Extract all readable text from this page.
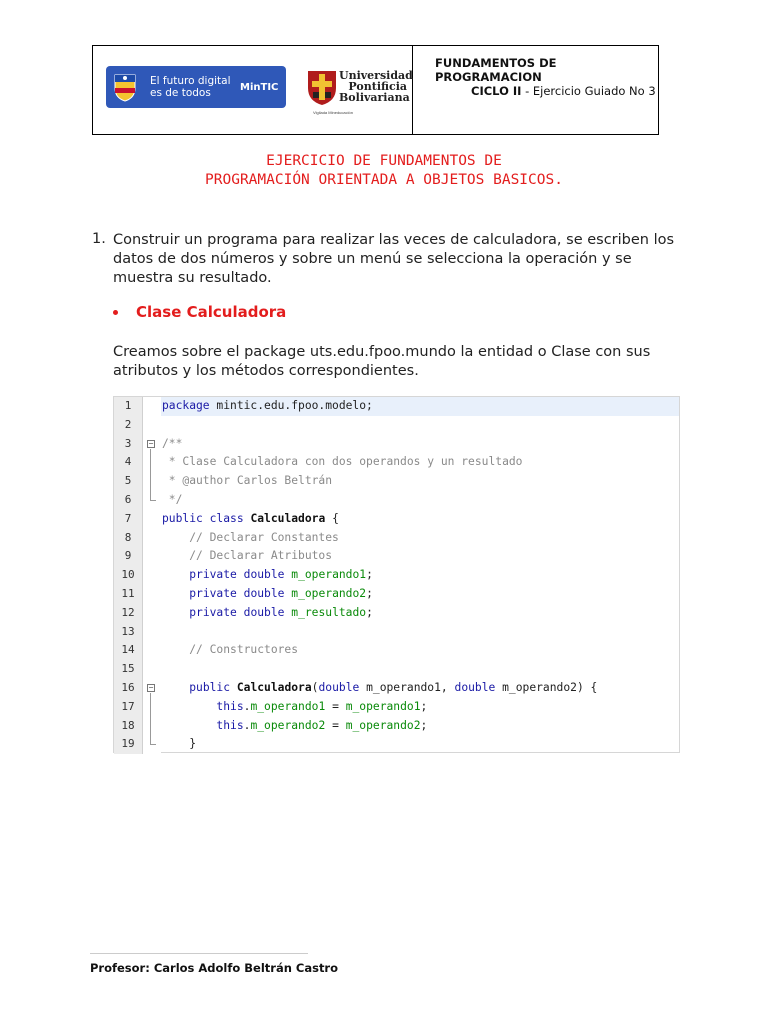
El futuro digital es de todos	MinTIC
Universidad
Pontificia
Bolivariana
Vigilada Mineducación
FUNDAMENTOS DE PROGRAMACION
CICLO II - Ejercicio Guiado No 3
EJERCICIO DE FUNDAMENTOS DE
PROGRAMACIÓN ORIENTADA A OBJETOS BASICOS.
1. Construir un programa para realizar las veces de calculadora, se escriben los datos de dos números y sobre un menú se selecciona la operación y se muestra su resultado.
Clase Calculadora
Creamos sobre el package uts.edu.fpoo.mundo la entidad o Clase con sus atributos y los métodos correspondientes.
1	package mintic.edu.fpoo.modelo;
2
3	/**
−
4	* Clase Calculadora con dos operandos y un resultado
5	* @author Carlos Beltrán
6	*/
7	public class Calculadora {
8	// Declarar Constantes
9	// Declarar Atributos
10	private double m_operando1;
11	private double m_operando2;
12	private double m_resultado;
13
14	// Constructores
15
16	public Calculadora(double m_operando1, double m_operando2) {
−
17	this.m_operando1 = m_operando1;
18	this.m_operando2 = m_operando2;
19	}
Profesor: Carlos Adolfo Beltrán Castro
